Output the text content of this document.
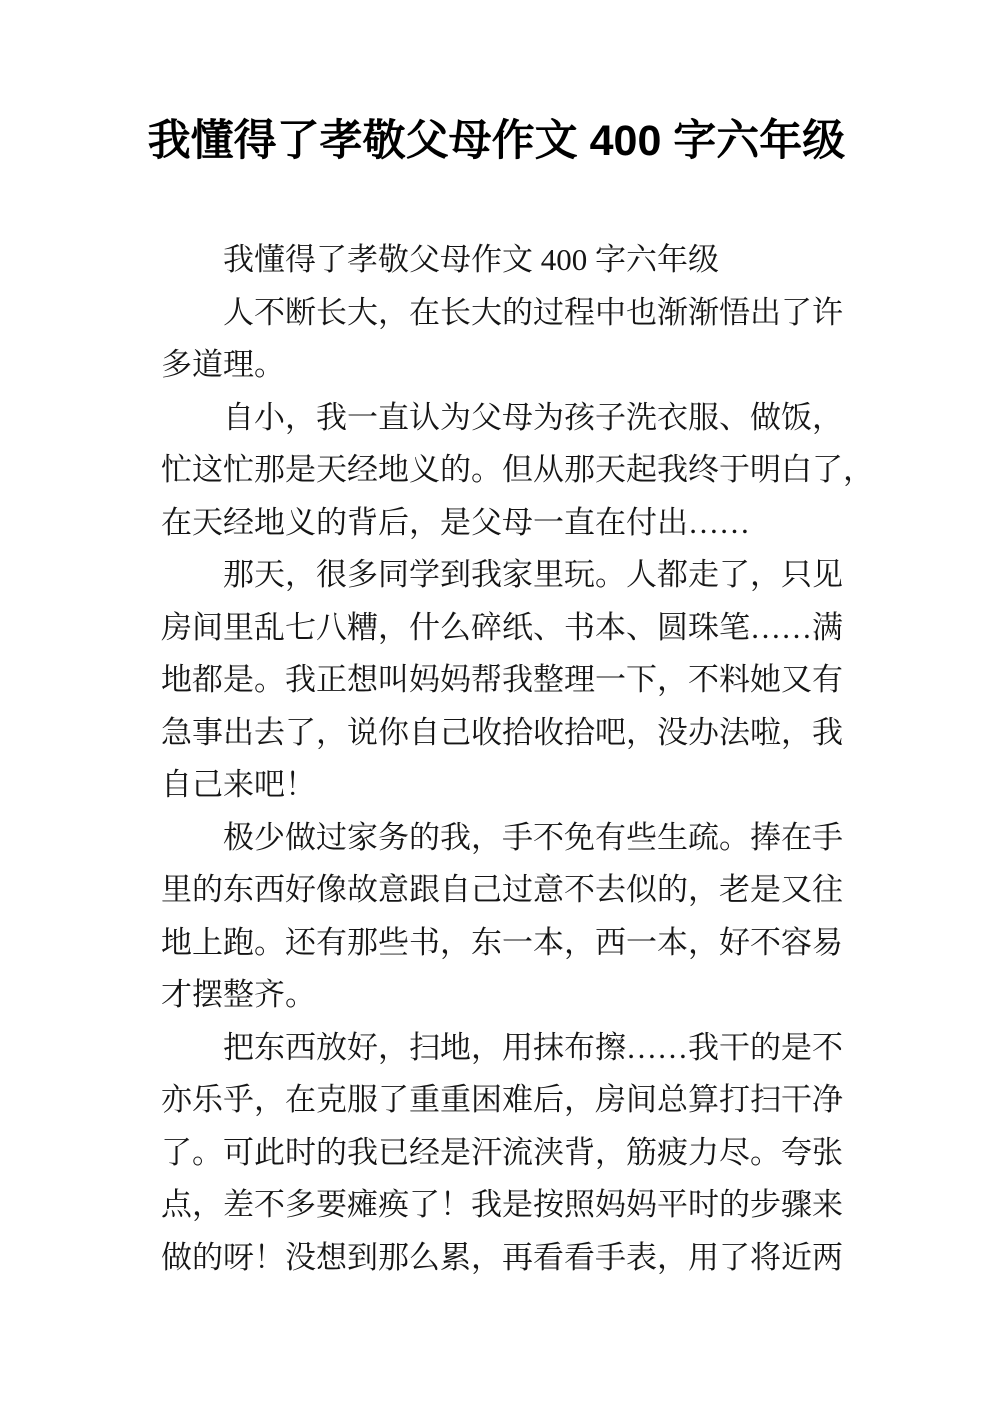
我懂得了孝敬父母作文 400 字六年级
我懂得了孝敬父母作文 400 字六年级
人不断长大，在长大的过程中也渐渐悟出了许
多道理。
自小，我一直认为父母为孩子洗衣服、做饭，
忙这忙那是天经地义的。但从那天起我终于明白了，
在天经地义的背后，是父母一直在付出……
那天，很多同学到我家里玩。人都走了，只见
房间里乱七八糟，什么碎纸、书本、圆珠笔……满
地都是。我正想叫妈妈帮我整理一下，不料她又有
急事出去了，说你自己收拾收拾吧，没办法啦，我
自己来吧！
极少做过家务的我，手不免有些生疏。捧在手
里的东西好像故意跟自己过意不去似的，老是又往
地上跑。还有那些书，东一本，西一本，好不容易
才摆整齐。
把东西放好，扫地，用抹布擦……我干的是不
亦乐乎，在克服了重重困难后，房间总算打扫干净
了。可此时的我已经是汗流浃背，筋疲力尽。夸张
点，差不多要瘫痪了！我是按照妈妈平时的步骤来
做的呀！没想到那么累，再看看手表，用了将近两
